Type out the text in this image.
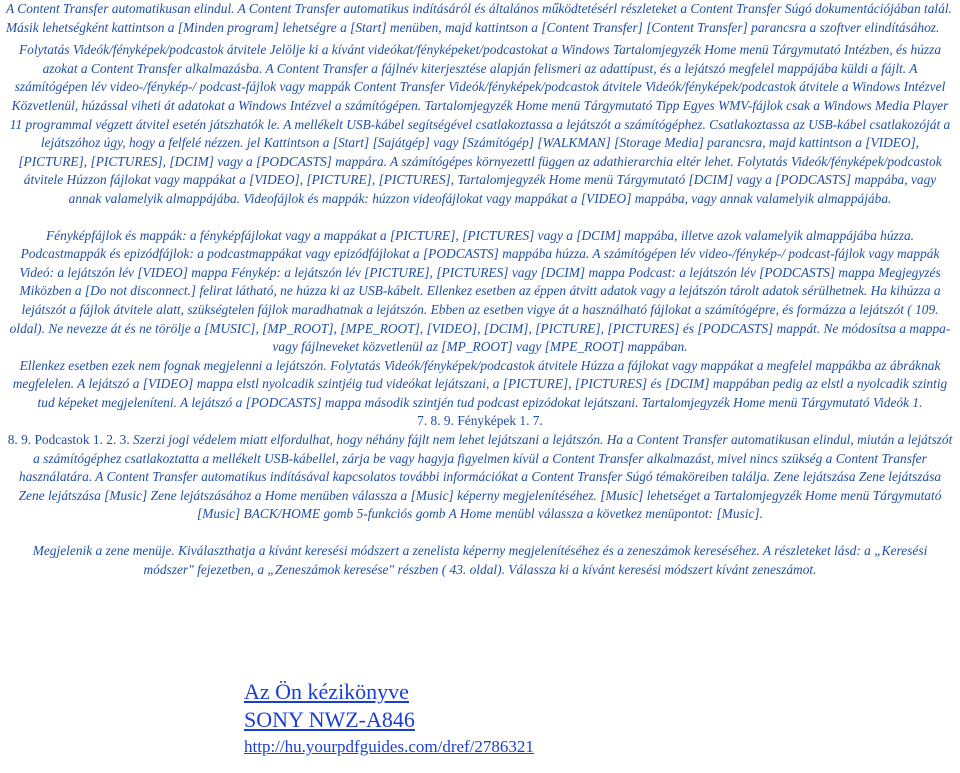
A Content Transfer automatikusan elindul. A Content Transfer automatikus indításáról és általános működtetésérl részleteket a Content Transfer Súgó dokumentációjában talál. Másik lehetségként kattintson a [Minden program] lehetségre a [Start] menüben, majd kattintson a [Content Transfer] [Content Transfer] parancsra a szoftver elindításához.

Folytatás Videók/fényképek/podcastok átvitele Jelölje ki a kívánt videókat/fényképeket/podcastokat a Windows Tartalomjegyzék Home menü Tárgymutató Intézben, és húzza azokat a Content Transfer alkalmazásba. A Content Transfer a fájlnév kiterjesztése alapján felismeri az adattípust, és a lejátszó megfelel mappájába küldi a fájlt. A számítógépen lév video-/fénykép-/ podcast-fájlok vagy mappák Content Transfer Videók/fényképek/podcastok átvitele Videók/fényképek/podcastok átvitele a Windows Intézvel Közvetlenül, húzással viheti át adatokat a Windows Intézvel a számítógépen. Tartalomjegyzék Home menü Tárgymutató Tipp Egyes WMV-fájlok csak a Windows Media Player 11 programmal végzett átvitel esetén játszhatók le. A mellékelt USB-kábel segítségével csatlakoztassa a lejátszót a számítógéphez. Csatlakoztassa az USB-kábel csatlakozóját a lejátszóhoz úgy, hogy a felfelé nézzen. jel Kattintson a [Start] [Sajátgép] vagy [Számítógép] [WALKMAN] [Storage Media] parancsra, majd kattintson a [VIDEO], [PICTURE], [PICTURES], [DCIM] vagy a [PODCASTS] mappára. A számítógépes környezettl függen az adathierarchia eltér lehet. Folytatás Videók/fényképek/podcastok átvitele Húzzon fájlokat vagy mappákat a [VIDEO], [PICTURE], [PICTURES], Tartalomjegyzék Home menü Tárgymutató [DCIM] vagy a [PODCASTS] mappába, vagy annak valamelyik almappájába. Videofájlok és mappák: húzzon videofájlokat vagy mappákat a [VIDEO] mappába, vagy annak valamelyik almappájába.

Fényképfájlok és mappák: a fényképfájlokat vagy a mappákat a [PICTURE], [PICTURES] vagy a [DCIM] mappába, illetve azok valamelyik almappájába húzza. Podcastmappák és epizódfájlok: a podcastmappákat vagy epizódfájlokat a [PODCASTS] mappába húzza. A számítógépen lév video-/fénykép-/ podcast-fájlok vagy mappák Videó: a lejátszón lév [VIDEO] mappa Fénykép: a lejátszón lév [PICTURE], [PICTURES] vagy [DCIM] mappa Podcast: a lejátszón lév [PODCASTS] mappa Megjegyzés Miközben a [Do not disconnect.] felirat látható, ne húzza ki az USB-kábelt. Ellenkez esetben az éppen átvitt adatok vagy a lejátszón tárolt adatok sérülhetnek. Ha kihúzza a lejátszót a fájlok átvitele alatt, szükségtelen fájlok maradhatnak a lejátszón. Ebben az esetben vigye át a használható fájlokat a számítógépre, és formázza a lejátszót ( 109. oldal). Ne nevezze át és ne törölje a [MUSIC], [MP_ROOT], [MPE_ROOT], [VIDEO], [DCIM], [PICTURE], [PICTURES] és [PODCASTS] mappát. Ne módosítsa a mappa- vagy fájlneveket közvetlenül az [MP_ROOT] vagy [MPE_ROOT] mappában.

Ellenkez esetben ezek nem fognak megjelenni a lejátszón. Folytatás Videók/fényképek/podcastok átvitele Húzza a fájlokat vagy mappákat a megfelel mappákba az ábráknak megfelelen. A lejátszó a [VIDEO] mappa elstl nyolcadik szintjéig tud videókat lejátszani, a [PICTURE], [PICTURES] és [DCIM] mappában pedig az elstl a nyolcadik szintig tud képeket megjeleníteni. A lejátszó a [PODCASTS] mappa második szintjén tud podcast epizódokat lejátszani. Tartalomjegyzék Home menü Tárgymutató Videók 1.

7. 8. 9. Fényképek 1. 7.

8. 9. Podcastok 1. 2. 3. Szerzi jogi védelem miatt elfordulhat, hogy néhány fájlt nem lehet lejátszani a lejátszón. Ha a Content Transfer automatikusan elindul, miután a lejátszót a számítógéphez csatlakoztatta a mellékelt USB-kábellel, zárja be vagy hagyja figyelmen kívül a Content Transfer alkalmazást, mivel nincs szükség a Content Transfer használatára. A Content Transfer automatikus indításával kapcsolatos további információkat a Content Transfer Súgó témaköreiben találja. Zene lejátszása Zene lejátszása Zene lejátszása [Music] Zene lejátszásához a Home menüben válassza a [Music] képerny megjelenítéséhez. [Music] lehetséget a Tartalomjegyzék Home menü Tárgymutató [Music] BACK/HOME gomb 5-funkciós gomb A Home menübl válassza a következ menüpontot: [Music].

Megjelenik a zene menüje. Kiválaszthatja a kívánt keresési módszert a zenelista képerny megjelenítéséhez és a zeneszámok kereséséhez. A részleteket lásd: a „Keresési módszer" fejezetben, a „Zeneszámok keresése" részben ( 43. oldal). Válassza ki a kívánt keresési módszert kívánt zeneszámot.

Az Ön kézikönyve
SONY NWZ-A846
http://hu.yourpdfguides.com/dref/2786321
